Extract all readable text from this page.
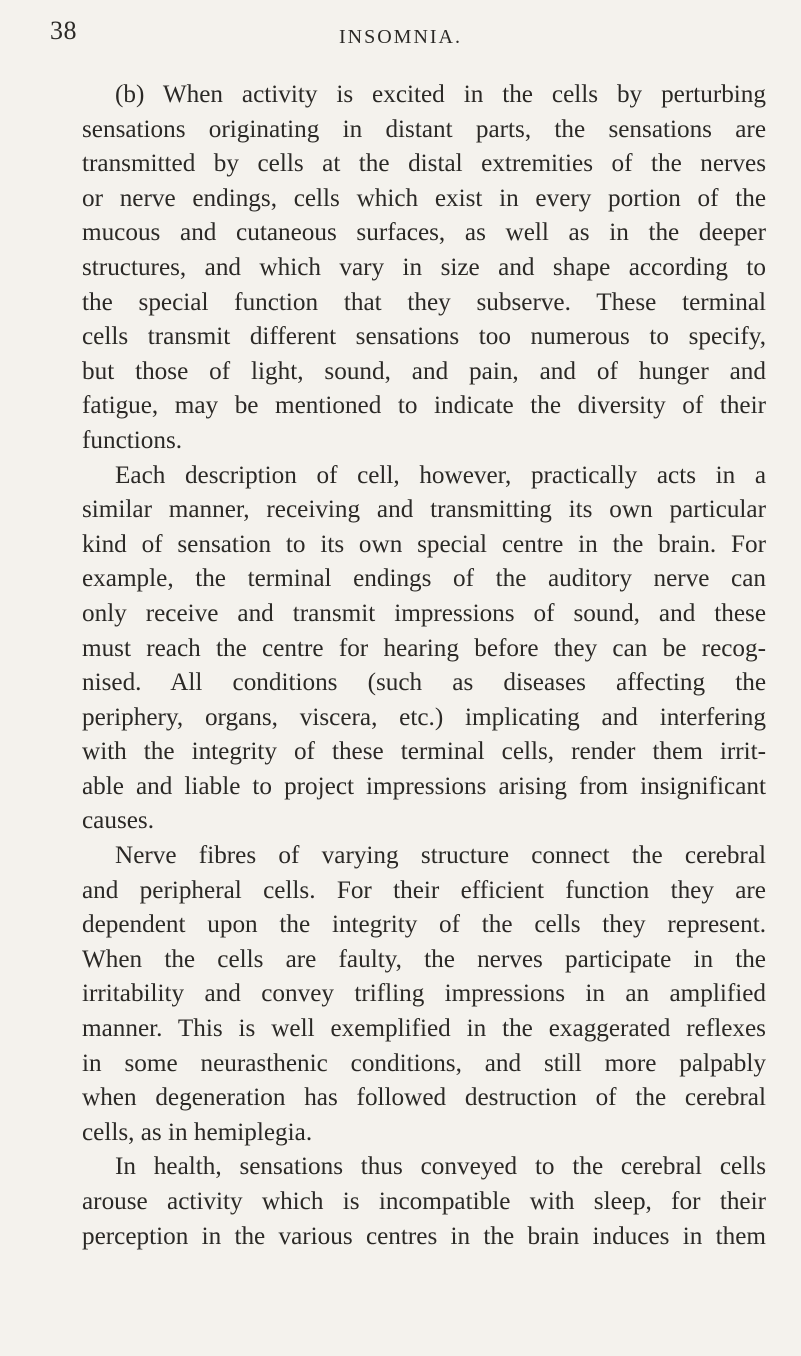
38	INSOMNIA.
(b) When activity is excited in the cells by perturbing
sensations originating in distant parts, the sensations are
transmitted by cells at the distal extremities of the nerves
or nerve endings, cells which exist in every portion of the
mucous and cutaneous surfaces, as well as in the deeper
structures, and which vary in size and shape according to
the special function that they subserve. These terminal
cells transmit different sensations too numerous to specify,
but those of light, sound, and pain, and of hunger and
fatigue, may be mentioned to indicate the diversity of their
functions.
Each description of cell, however, practically acts in a
similar manner, receiving and transmitting its own particular
kind of sensation to its own special centre in the brain. For
example, the terminal endings of the auditory nerve can
only receive and transmit impressions of sound, and these
must reach the centre for hearing before they can be recog-
nised. All conditions (such as diseases affecting the
periphery, organs, viscera, etc.) implicating and interfering
with the integrity of these terminal cells, render them irrit-
able and liable to project impressions arising from insignificant
causes.
Nerve fibres of varying structure connect the cerebral
and peripheral cells. For their efficient function they are
dependent upon the integrity of the cells they represent.
When the cells are faulty, the nerves participate in the
irritability and convey trifling impressions in an amplified
manner. This is well exemplified in the exaggerated reflexes
in some neurasthenic conditions, and still more palpably
when degeneration has followed destruction of the cerebral
cells, as in hemiplegia.
In health, sensations thus conveyed to the cerebral cells
arouse activity which is incompatible with sleep, for their
perception in the various centres in the brain induces in them
